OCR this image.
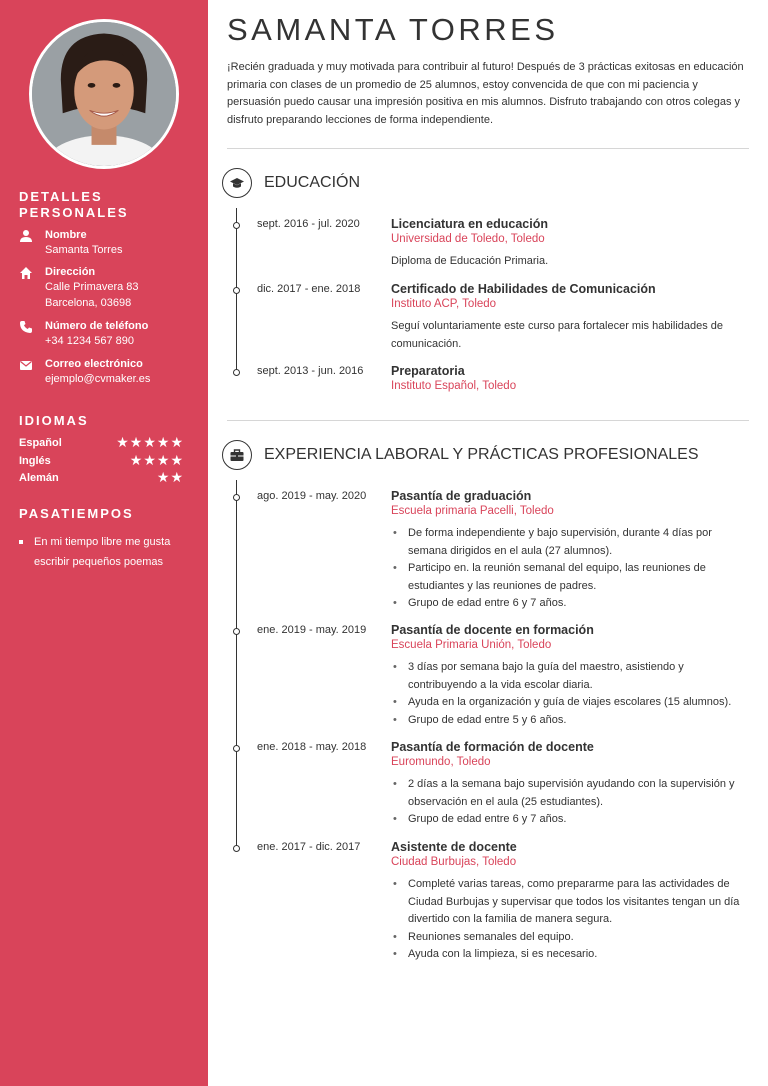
DETALLES PERSONALES
Nombre
Samanta Torres
Dirección
Calle Primavera 83
Barcelona, 03698
Número de teléfono
+34 1234 567 890
Correo electrónico
ejemplo@cvmaker.es
IDIOMAS
Español	★★★★★
Inglés	★★★★
Alemán	★★
PASATIEMPOS
En mi tiempo libre me gusta escribir pequeños poemas
SAMANTA TORRES

¡Recién graduada y muy motivada para contribuir al futuro! Después de 3 prácticas exitosas en educación primaria con clases de un promedio de 25 alumnos, estoy convencida de que con mi paciencia y persuasión puedo causar una impresión positiva en mis alumnos. Disfruto trabajando con otros colegas y disfruto preparando lecciones de forma independiente.

EDUCACIÓN
sept. 2016 - jul. 2020	Licenciatura en educación
Universidad de Toledo, Toledo
Diploma de Educación Primaria.
dic. 2017 - ene. 2018 Certificado de Habilidades de Comunicación
Instituto ACP, Toledo
Seguí voluntariamente este curso para fortalecer mis habilidades de comunicación.
sept. 2013 - jun. 2016 Preparatoria
Instituto Español, Toledo
EXPERIENCIA LABORAL Y PRÁCTICAS PROFESIONALES
ago. 2019 - may. 2020 Pasantía de graduación
Escuela primaria Pacelli, Toledo
• De forma independiente y bajo supervisión, durante 4 días por semana dirigidos en el aula (27 alumnos).
• Participo en. la reunión semanal del equipo, las reuniones de estudiantes y las reuniones de padres.
• Grupo de edad entre 6 y 7 años.
ene. 2019 - may. 2019 Pasantía de docente en formación
Escuela Primaria Unión, Toledo
• 3 días por semana bajo la guía del maestro, asistiendo y contribuyendo a la vida escolar diaria.
• Ayuda en la organización y guía de viajes escolares (15 alumnos).
• Grupo de edad entre 5 y 6 años.
ene. 2018 - may. 2018 Pasantía de formación de docente
Euromundo, Toledo
• 2 días a la semana bajo supervisión ayudando con la supervisión y observación en el aula (25 estudiantes).
• Grupo de edad entre 6 y 7 años.
ene. 2017 - dic. 2017 Asistente de docente
Ciudad Burbujas, Toledo
• Completé varias tareas, como prepararme para las actividades de Ciudad Burbujas y supervisar que todos los visitantes tengan un día divertido con la familia de manera segura.
• Reuniones semanales del equipo.
• Ayuda con la limpieza, si es necesario.
